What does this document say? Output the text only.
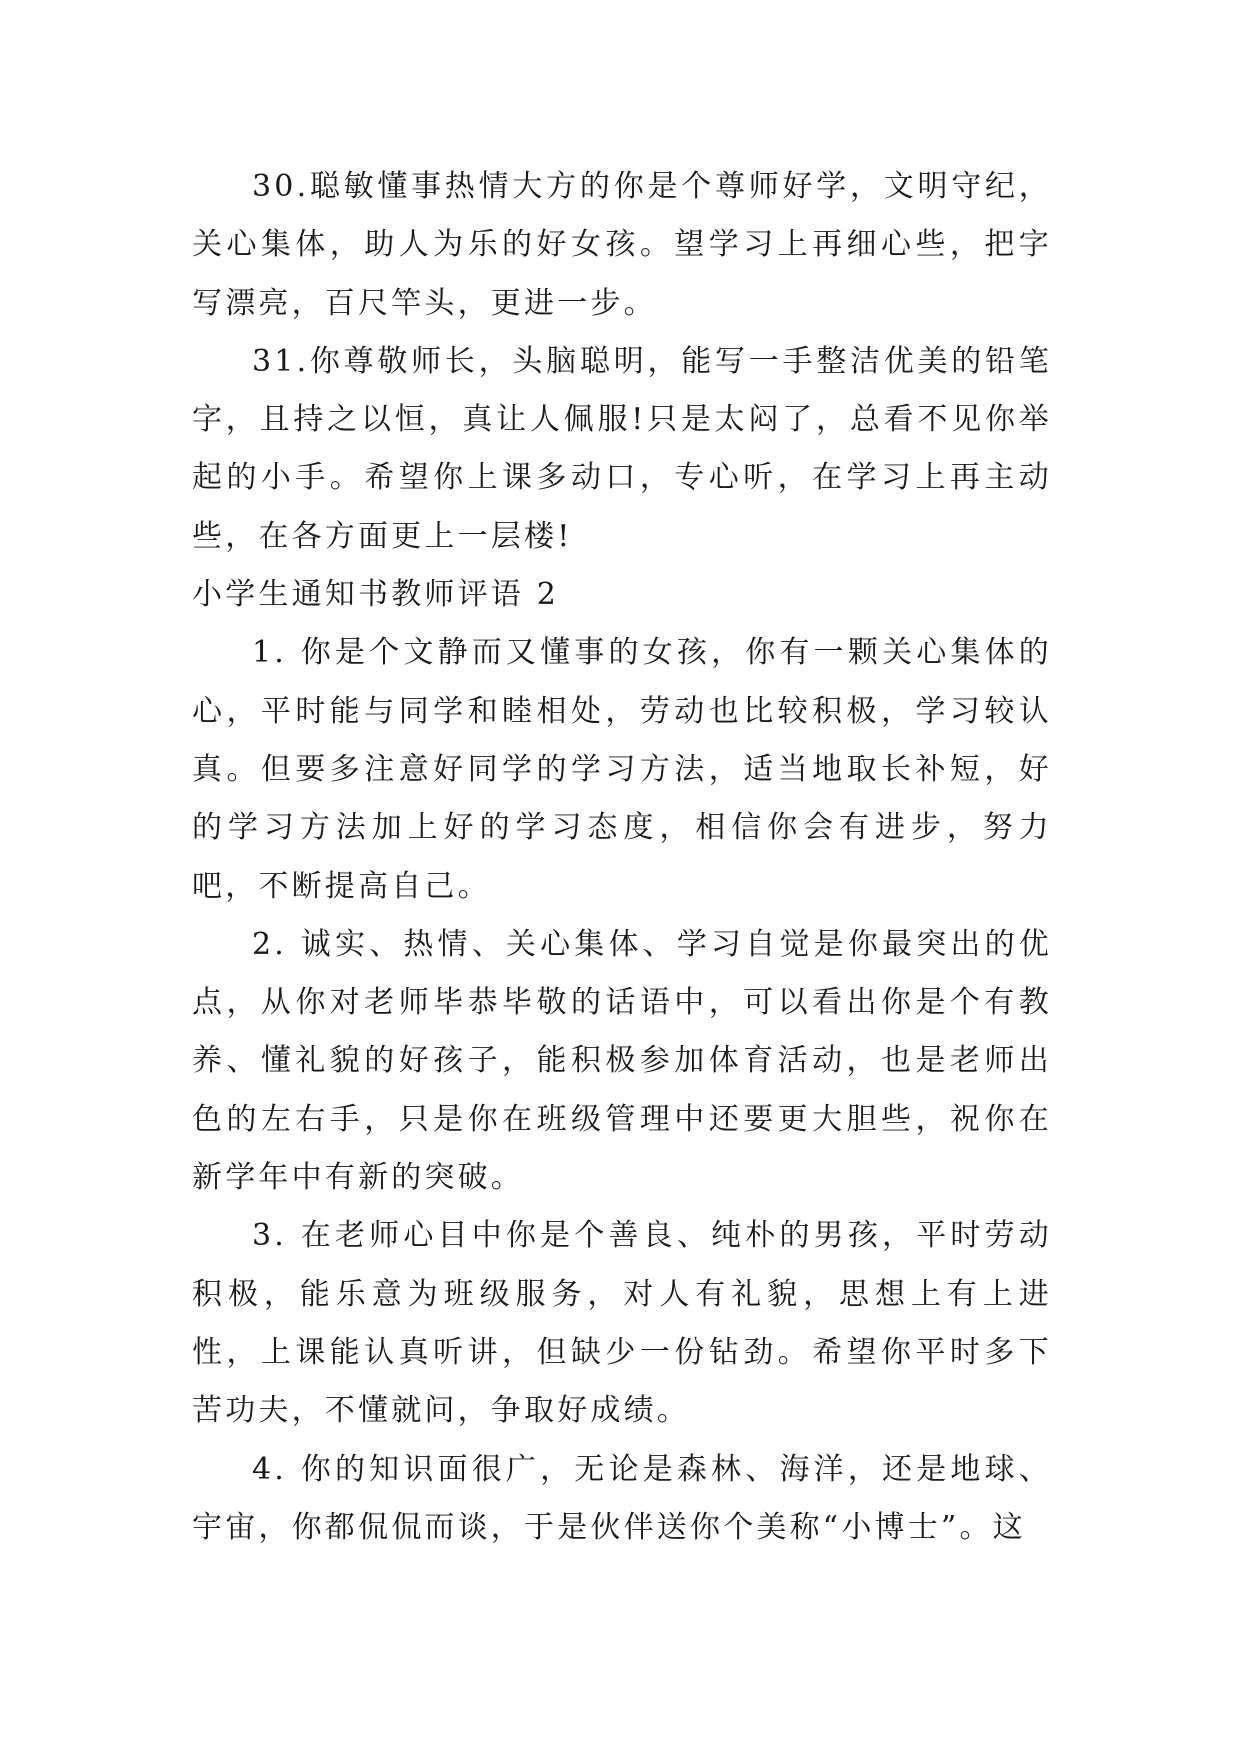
30.聪敏懂事热情大方的你是个尊师好学，文明守纪，关心集体，助人为乐的好女孩。望学习上再细心些，把字写漂亮，百尺竿头，更进一步。

31.你尊敬师长，头脑聪明，能写一手整洁优美的铅笔字，且持之以恒，真让人佩服!只是太闷了，总看不见你举起的小手。希望你上课多动口，专心听，在学习上再主动些，在各方面更上一层楼!

小学生通知书教师评语 2

1. 你是个文静而又懂事的女孩，你有一颗关心集体的心，平时能与同学和睦相处，劳动也比较积极，学习较认真。但要多注意好同学的学习方法，适当地取长补短，好的学习方法加上好的学习态度，相信你会有进步，努力吧，不断提高自己。

2. 诚实、热情、关心集体、学习自觉是你最突出的优点，从你对老师毕恭毕敬的话语中，可以看出你是个有教养、懂礼貌的好孩子，能积极参加体育活动，也是老师出色的左右手，只是你在班级管理中还要更大胆些，祝你在新学年中有新的突破。

3. 在老师心目中你是个善良、纯朴的男孩，平时劳动积极，能乐意为班级服务，对人有礼貌，思想上有上进性，上课能认真听讲，但缺少一份钻劲。希望你平时多下苦功夫，不懂就问，争取好成绩。

4. 你的知识面很广，无论是森林、海洋，还是地球、宇宙，你都侃侃而谈，于是伙伴送你个美称“小博士”。这
